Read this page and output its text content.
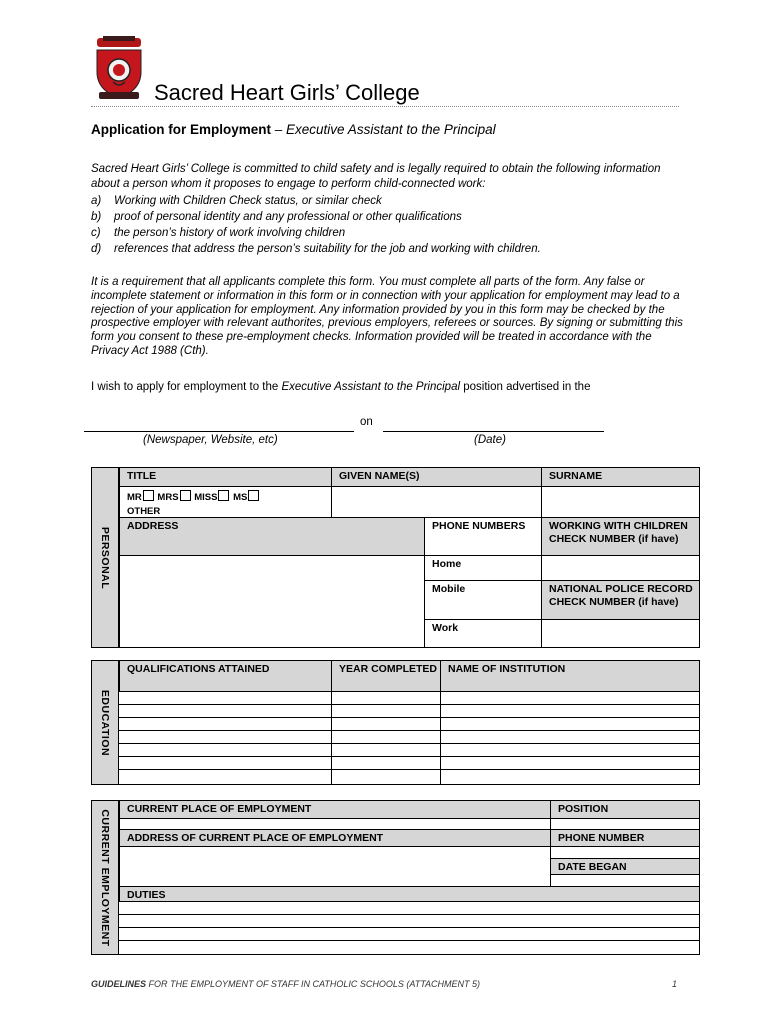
Sacred Heart Girls’ College
Application for Employment – Executive Assistant to the Principal
Sacred Heart Girls’ College is committed to child safety and is legally required to obtain the following information about a person whom it proposes to engage to perform child-connected work:
a) Working with Children Check status, or similar check
b) proof of personal identity and any professional or other qualifications
c) the person’s history of work involving children
d) references that address the person’s suitability for the job and working with children.
It is a requirement that all applicants complete this form. You must complete all parts of the form. Any false or incomplete statement or information in this form or in connection with your application for employment may lead to a rejection of your application for employment. Any information provided by you in this form may be checked by the prospective employer with relevant authorites, previous employers, referees or sources. By signing or submitting this form you consent to these pre-employment checks. Information provided will be treated in accordance with the Privacy Act 1988 (Cth).
I wish to apply for employment to the Executive Assistant to the Principal position advertised in the
on
(Newspaper, Website, etc)	(Date)
PERSONAL
TITLE	GIVEN NAME(S)	SURNAME
MR MRS MISS MS
OTHER
ADDRESS	PHONE NUMBERS	WORKING WITH CHILDREN CHECK NUMBER (if have)
Home
Mobile	NATIONAL POLICE RECORD CHECK NUMBER (if have)
Work
EDUCATION
QUALIFICATIONS ATTAINED	YEAR COMPLETED	NAME OF INSTITUTION
CURRENT EMPLOYMENT	CURRENT PLACE OF EMPLOYMENT	POSITION
ADDRESS OF CURRENT PLACE OF EMPLOYMENT	PHONE NUMBER
DATE BEGAN
DUTIES
GUIDELINES FOR THE EMPLOYMENT OF STAFF IN CATHOLIC SCHOOLS (ATTACHMENT 5)	1
